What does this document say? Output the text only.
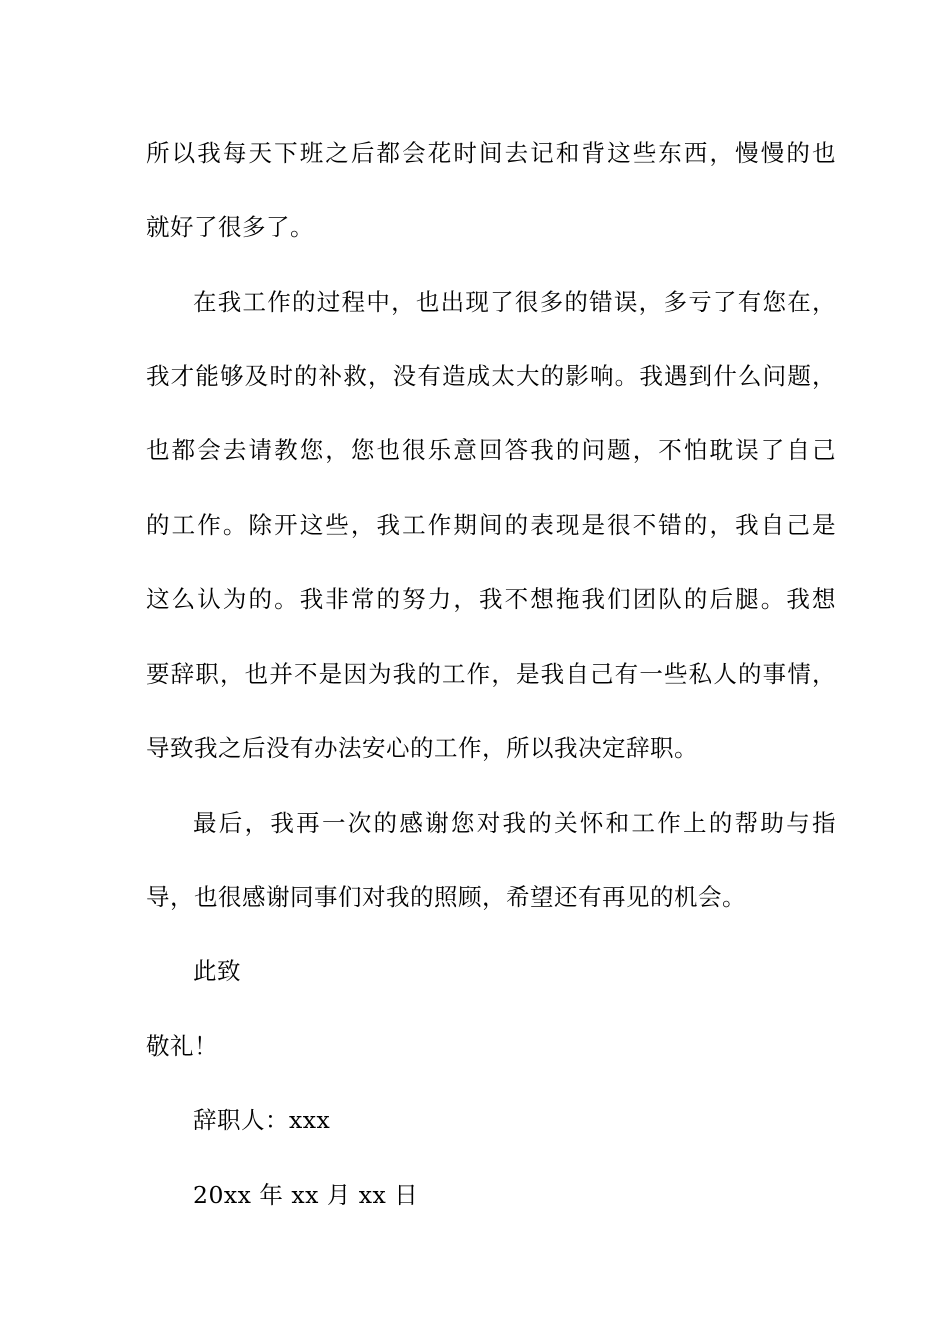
所以我每天下班之后都会花时间去记和背这些东西，慢慢的也
就好了很多了。
在我工作的过程中，也出现了很多的错误，多亏了有您在，
我才能够及时的补救，没有造成太大的影响。我遇到什么问题，
也都会去请教您，您也很乐意回答我的问题，不怕耽误了自己
的工作。除开这些，我工作期间的表现是很不错的，我自己是
这么认为的。我非常的努力，我不想拖我们团队的后腿。我想
要辞职，也并不是因为我的工作，是我自己有一些私人的事情，
导致我之后没有办法安心的工作，所以我决定辞职。
最后，我再一次的感谢您对我的关怀和工作上的帮助与指
导，也很感谢同事们对我的照顾，希望还有再见的机会。
此致
敬礼！
辞职人：xxx
20xx 年 xx 月 xx 日
